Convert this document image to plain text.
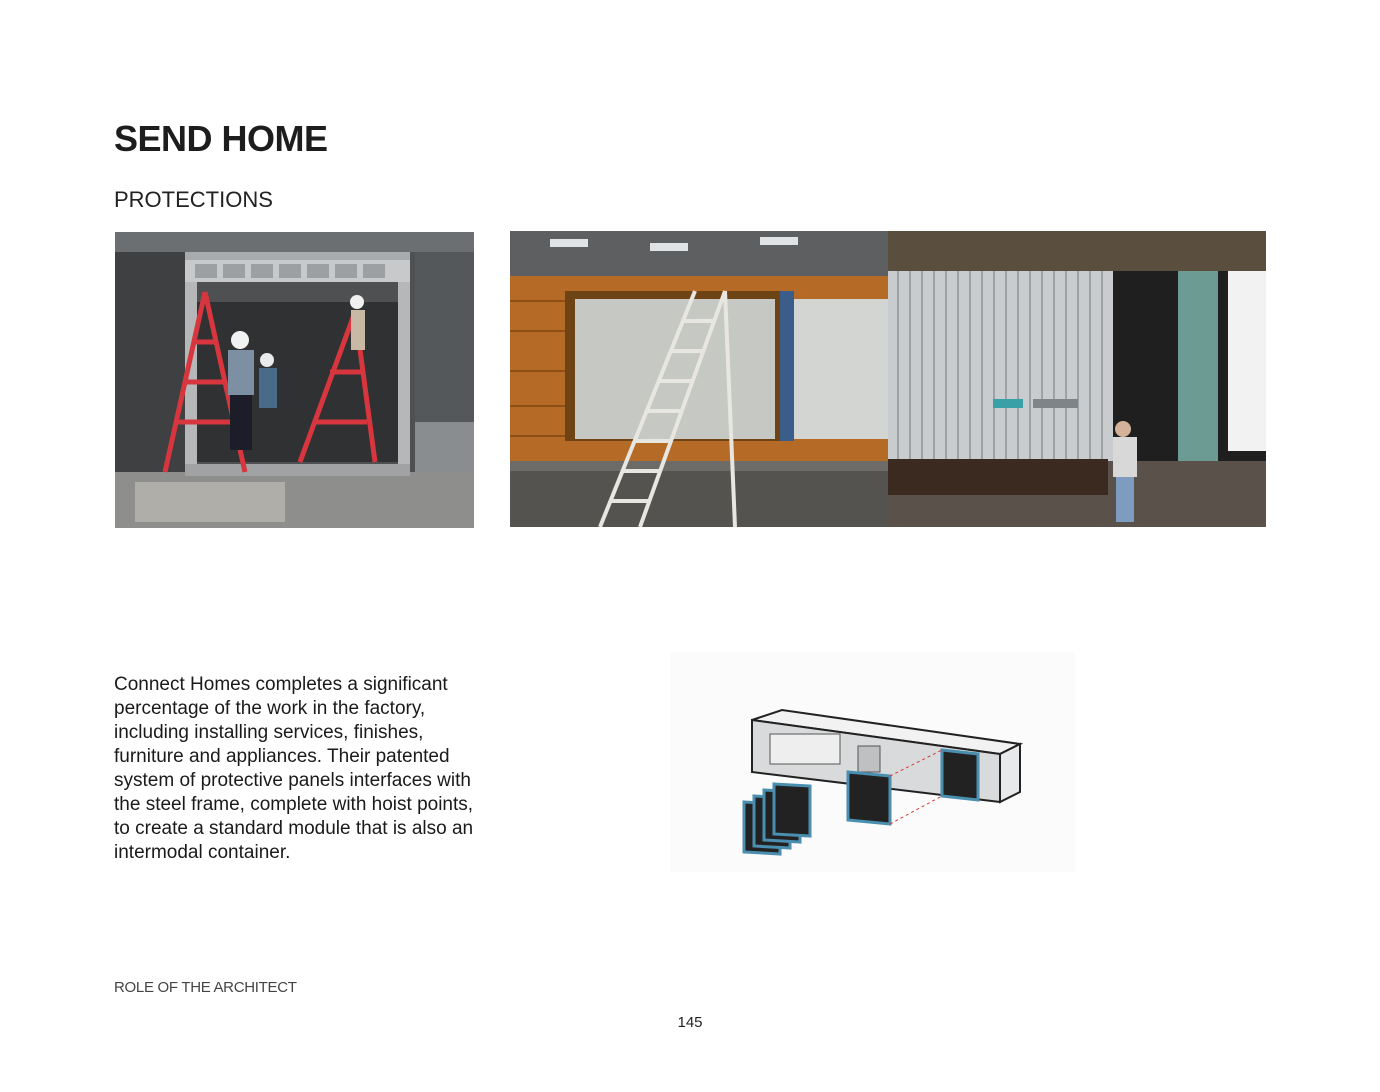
SEND HOME
PROTECTIONS

Connect Homes completes a significant percentage of the work in the factory, including installing services, finishes, furniture and appliances. Their patented system of protective panels interfaces with the steel frame, complete with hoist points, to create a standard module that is also an intermodal container.

ROLE OF THE ARCHITECT
145
